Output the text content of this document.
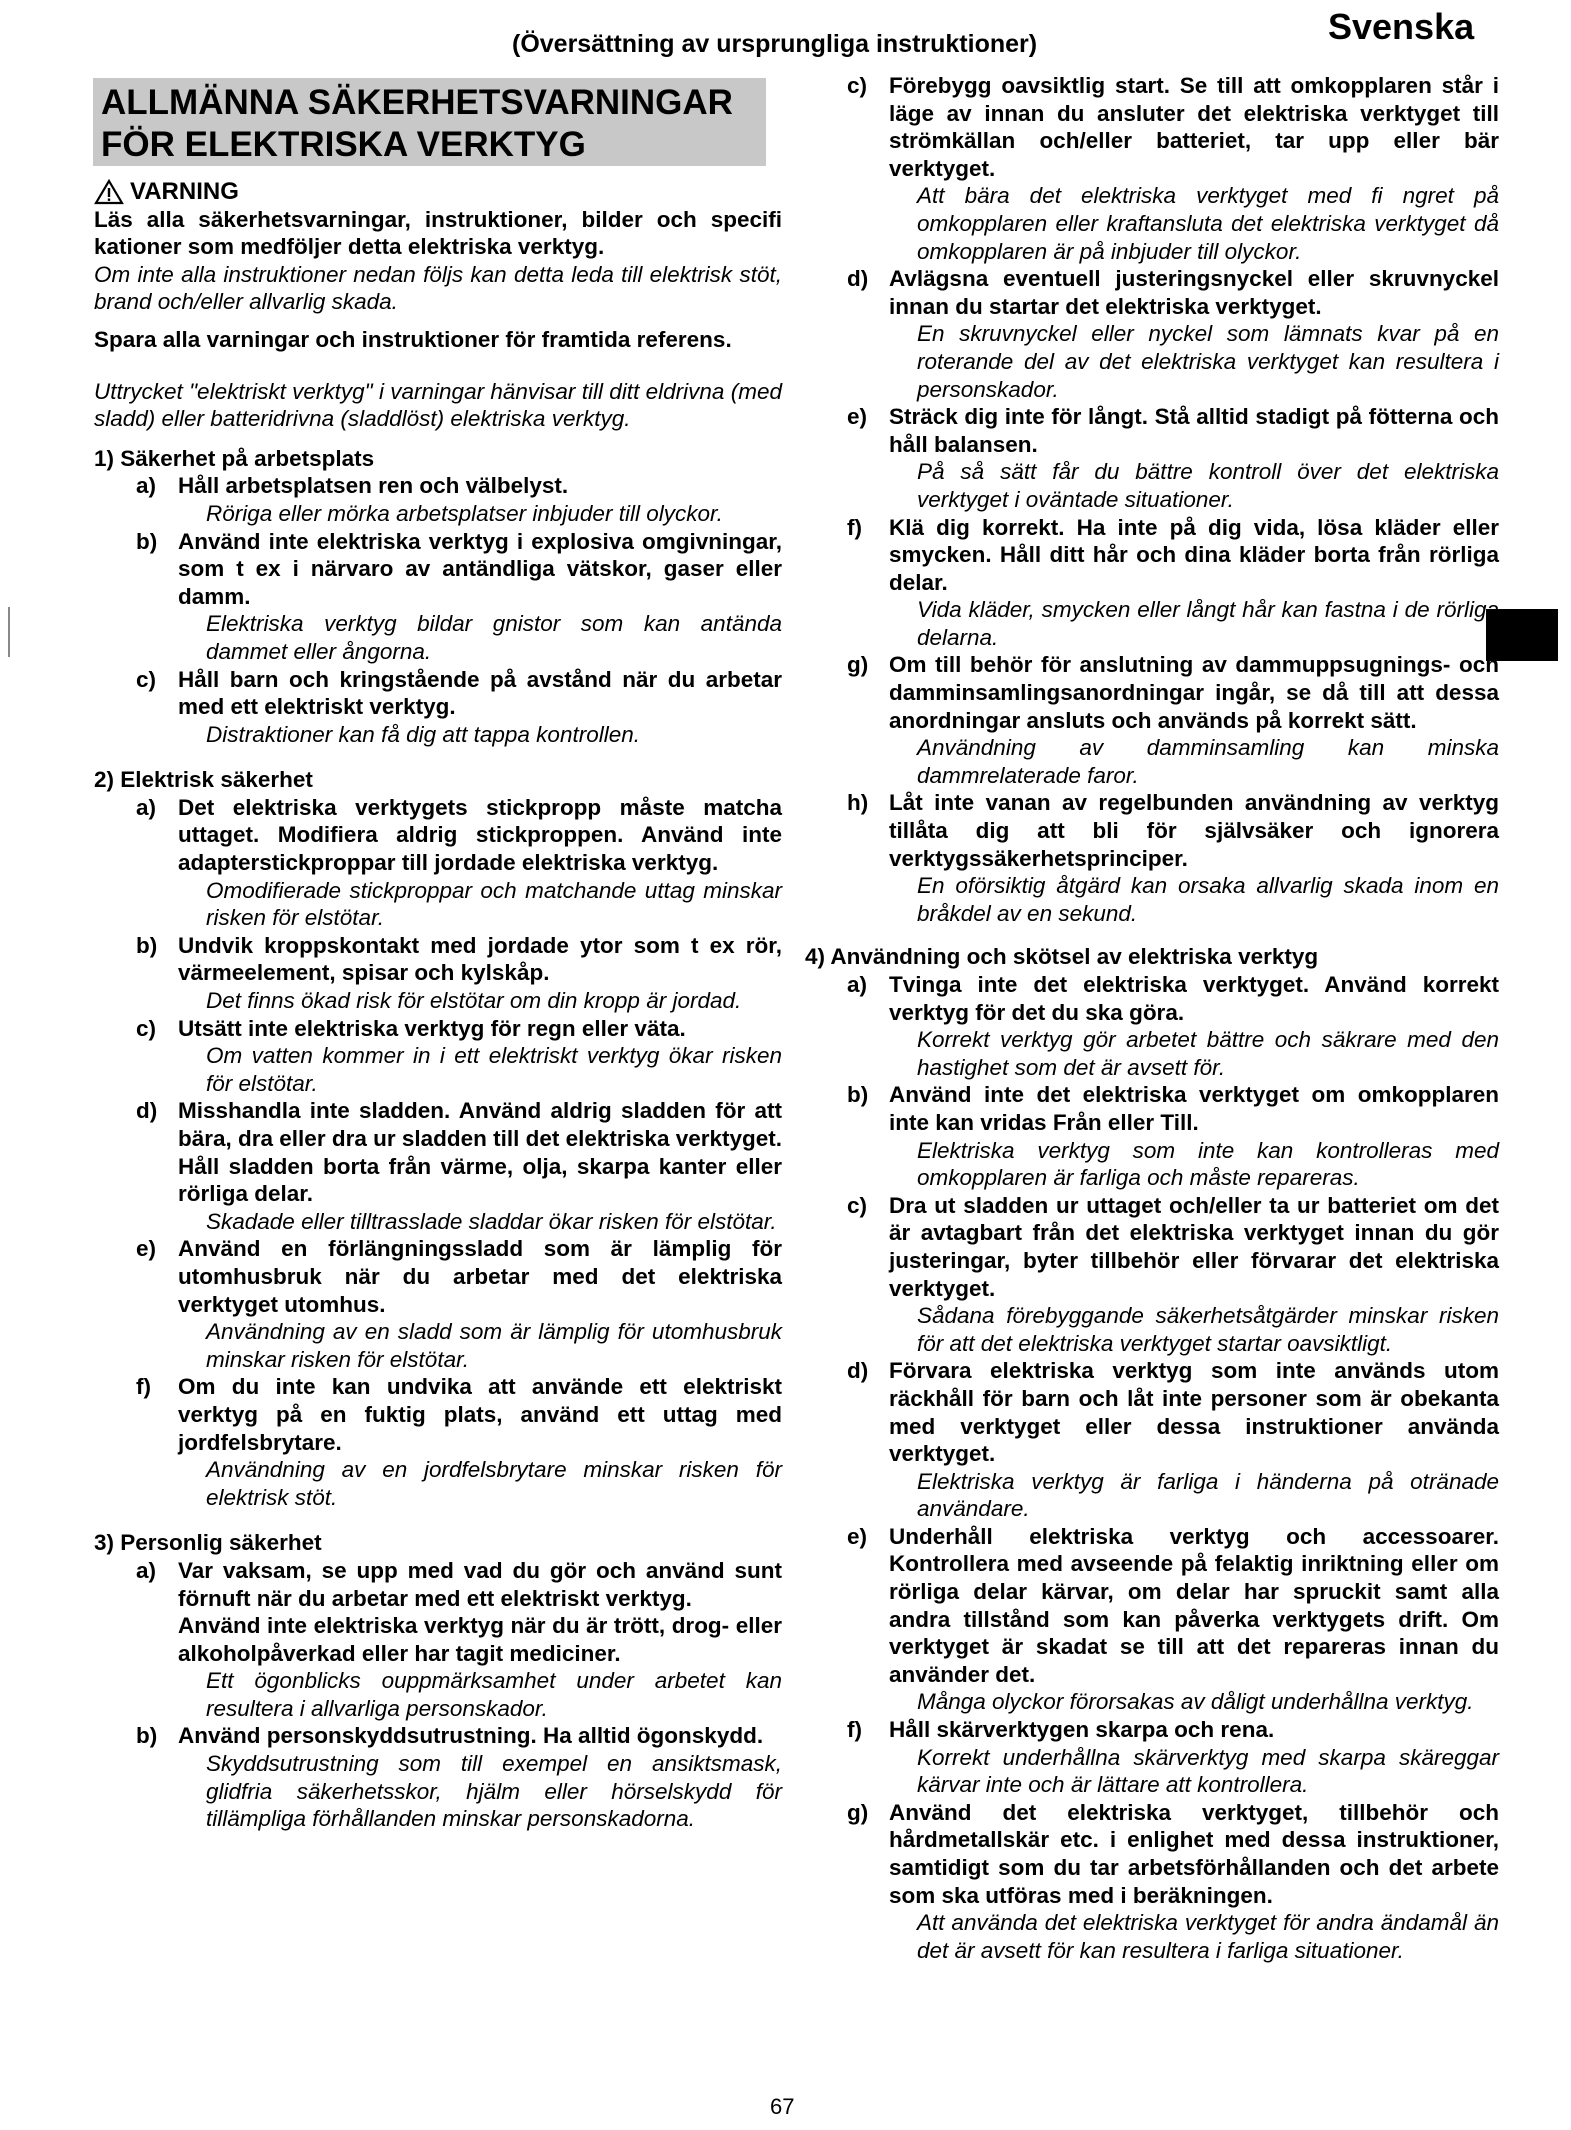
(Översättning av ursprungliga instruktioner)	Svenska
ALLMÄNNA SÄKERHETSVARNINGAR
FÖR ELEKTRISKA VERKTYG
VARNING
Läs alla säkerhetsvarningar, instruktioner, bilder och specifi kationer som medföljer detta elektriska verktyg.
Om inte alla instruktioner nedan följs kan detta leda till elektrisk stöt, brand och/eller allvarlig skada.
Spara alla varningar och instruktioner för framtida referens.
Uttrycket "elektriskt verktyg" i varningar hänvisar till ditt eldrivna (med sladd) eller batteridrivna (sladdlöst) elektriska verktyg.
1) Säkerhet på arbetsplats
a) Håll arbetsplatsen ren och välbelyst.
Röriga eller mörka arbetsplatser inbjuder till olyckor.
b) Använd inte elektriska verktyg i explosiva omgivningar, som t ex i närvaro av antändliga vätskor, gaser eller damm.
Elektriska verktyg bildar gnistor som kan antända dammet eller ångorna.
c) Håll barn och kringstående på avstånd när du arbetar med ett elektriskt verktyg.
Distraktioner kan få dig att tappa kontrollen.
2) Elektrisk säkerhet
a) Det elektriska verktygets stickpropp måste matcha uttaget. Modifiera aldrig stickproppen. Använd inte adapterstickproppar till jordade elektriska verktyg.
Omodifierade stickproppar och matchande uttag minskar risken för elstötar.
b) Undvik kroppskontakt med jordade ytor som t ex rör, värmeelement, spisar och kylskåp.
Det finns ökad risk för elstötar om din kropp är jordad.
c) Utsätt inte elektriska verktyg för regn eller väta.
Om vatten kommer in i ett elektriskt verktyg ökar risken för elstötar.
d) Misshandla inte sladden. Använd aldrig sladden för att bära, dra eller dra ur sladden till det elektriska verktyget.
Håll sladden borta från värme, olja, skarpa kanter eller rörliga delar.
Skadade eller tilltrasslade sladdar ökar risken för elstötar.
e) Använd en förlängningssladd som är lämplig för utomhusbruk när du arbetar med det elektriska verktyget utomhus.
Användning av en sladd som är lämplig för utomhusbruk minskar risken för elstötar.
f)	Om du inte kan undvika att använde ett elektriskt verktyg på en fuktig plats, använd ett uttag med jordfelsbrytare.
Användning av en jordfelsbrytare minskar risken för elektrisk stöt.
3) Personlig säkerhet
a) Var vaksam, se upp med vad du gör och använd sunt förnuft när du arbetar med ett elektriskt verktyg.
Använd inte elektriska verktyg när du är trött, drog- eller alkoholpåverkad eller har tagit mediciner.
Ett ögonblicks ouppmärksamhet under arbetet kan resultera i allvarliga personskador.
b) Använd personskyddsutrustning. Ha alltid ögonskydd.
Skyddsutrustning som till exempel en ansiktsmask, glidfria säkerhetsskor, hjälm eller hörselskydd för tillämpliga förhållanden minskar personskadorna.
c) Förebygg oavsiktlig start. Se till att omkopplaren står i läge av innan du ansluter det elektriska verktyget till strömkällan och/eller batteriet, tar upp eller bär verktyget.
Att bära det elektriska verktyget med fi ngret på omkopplaren eller kraftansluta det elektriska verktyget då omkopplaren är på inbjuder till olyckor.
d) Avlägsna eventuell justeringsnyckel eller skruvnyckel innan du startar det elektriska verktyget.
En skruvnyckel eller nyckel som lämnats kvar på en roterande del av det elektriska verktyget kan resultera i personskador.
e) Sträck dig inte för långt. Stå alltid stadigt på fötterna och håll balansen.
På så sätt får du bättre kontroll över det elektriska verktyget i oväntade situationer.
f)	Klä dig korrekt. Ha inte på dig vida, lösa kläder eller smycken. Håll ditt hår och dina kläder borta från rörliga delar.
Vida kläder, smycken eller långt hår kan fastna i de rörliga delarna.
g) Om till behör för anslutning av dammuppsugnings- och damminsamlingsanordningar ingår, se då till att dessa anordningar ansluts och används på korrekt sätt.
Användning av damminsamling kan minska dammrelaterade faror.
h) Låt inte vanan av regelbunden användning av verktyg tillåta dig att bli för självsäker och ignorera verktygssäkerhetsprinciper.
En oförsiktig åtgärd kan orsaka allvarlig skada inom en bråkdel av en sekund.
4) Användning och skötsel av elektriska verktyg
a) Tvinga inte det elektriska verktyget. Använd korrekt verktyg för det du ska göra.
Korrekt verktyg gör arbetet bättre och säkrare med den hastighet som det är avsett för.
b) Använd inte det elektriska verktyget om omkopplaren inte kan vridas Från eller Till.
Elektriska verktyg som inte kan kontrolleras med omkopplaren är farliga och måste repareras.
c) Dra ut sladden ur uttaget och/eller ta ur batteriet om det är avtagbart från det elektriska verktyget innan du gör justeringar, byter tillbehör eller förvarar det elektriska verktyget.
Sådana förebyggande säkerhetsåtgärder minskar risken för att det elektriska verktyget startar oavsiktligt.
d) Förvara elektriska verktyg som inte används utom räckhåll för barn och låt inte personer som är obekanta med verktyget eller dessa instruktioner använda verktyget.
Elektriska verktyg är farliga i händerna på otränade användare.
e) Underhåll elektriska verktyg och accessoarer. Kontrollera med avseende på felaktig inriktning eller om rörliga delar kärvar, om delar har spruckit samt alla andra tillstånd som kan påverka verktygets drift. Om verktyget är skadat se till att det repareras innan du använder det.
Många olyckor förorsakas av dåligt underhållna verktyg.
f)	Håll skärverktygen skarpa och rena.
Korrekt underhållna skärverktyg med skarpa skäreggar kärvar inte och är lättare att kontrollera.
g) Använd det elektriska verktyget, tillbehör och hårdmetallskär etc. i enlighet med dessa instruktioner, samtidigt som du tar arbetsförhållanden och det arbete som ska utföras med i beräkningen.
Att använda det elektriska verktyget för andra ändamål än det är avsett för kan resultera i farliga situationer.
67
